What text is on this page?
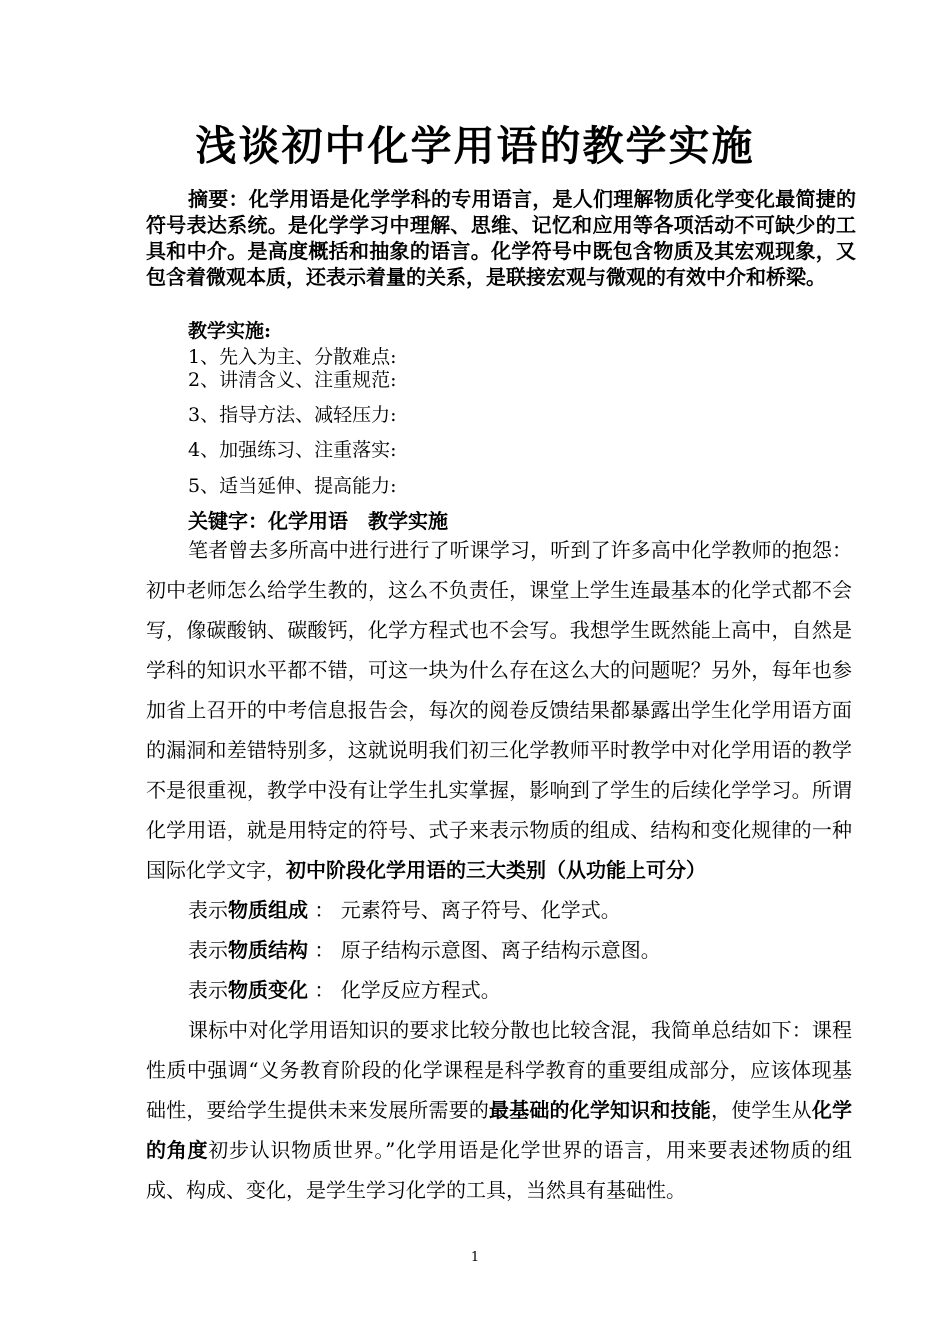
浅谈初中化学用语的教学实施

摘要：化学用语是化学学科的专用语言，是人们理解物质化学变化最简捷的符号表达系统。是化学学习中理解、思维、记忆和应用等各项活动不可缺少的工具和中介。是高度概括和抽象的语言。化学符号中既包含物质及其宏观现象，又包含着微观本质，还表示着量的关系，是联接宏观与微观的有效中介和桥梁。

教学实施:
1、先入为主、分散难点:
2、讲清含义、注重规范:
3、指导方法、减轻压力:
4、加强练习、注重落实:
5、适当延伸、提高能力:
关键字：化学用语　教学实施

笔者曾去多所高中进行进行了听课学习，听到了许多高中化学教师的抱怨：初中老师怎么给学生教的，这么不负责任，课堂上学生连最基本的化学式都不会写，像碳酸钠、碳酸钙，化学方程式也不会写。我想学生既然能上高中，自然是学科的知识水平都不错，可这一块为什么存在这么大的问题呢？另外，每年也参加省上召开的中考信息报告会，每次的阅卷反馈结果都暴露出学生化学用语方面的漏洞和差错特别多，这就说明我们初三化学教师平时教学中对化学用语的教学不是很重视，教学中没有让学生扎实掌握，影响到了学生的后续化学学习。所谓化学用语，就是用特定的符号、式子来表示物质的组成、结构和变化规律的一种国际化学文字，初中阶段化学用语的三大类别（从功能上可分）

表示物质组成 ： 元素符号、离子符号、化学式。

表示物质结构 ： 原子结构示意图、离子结构示意图。

表示物质变化 ： 化学反应方程式。

课标中对化学用语知识的要求比较分散也比较含混，我简单总结如下：课程性质中强调“义务教育阶段的化学课程是科学教育的重要组成部分，应该体现基础性，要给学生提供未来发展所需要的最基础的化学知识和技能，使学生从化学的角度初步认识物质世界。”化学用语是化学世界的语言，用来要表述物质的组成、构成、变化，是学生学习化学的工具，当然具有基础性。

1
